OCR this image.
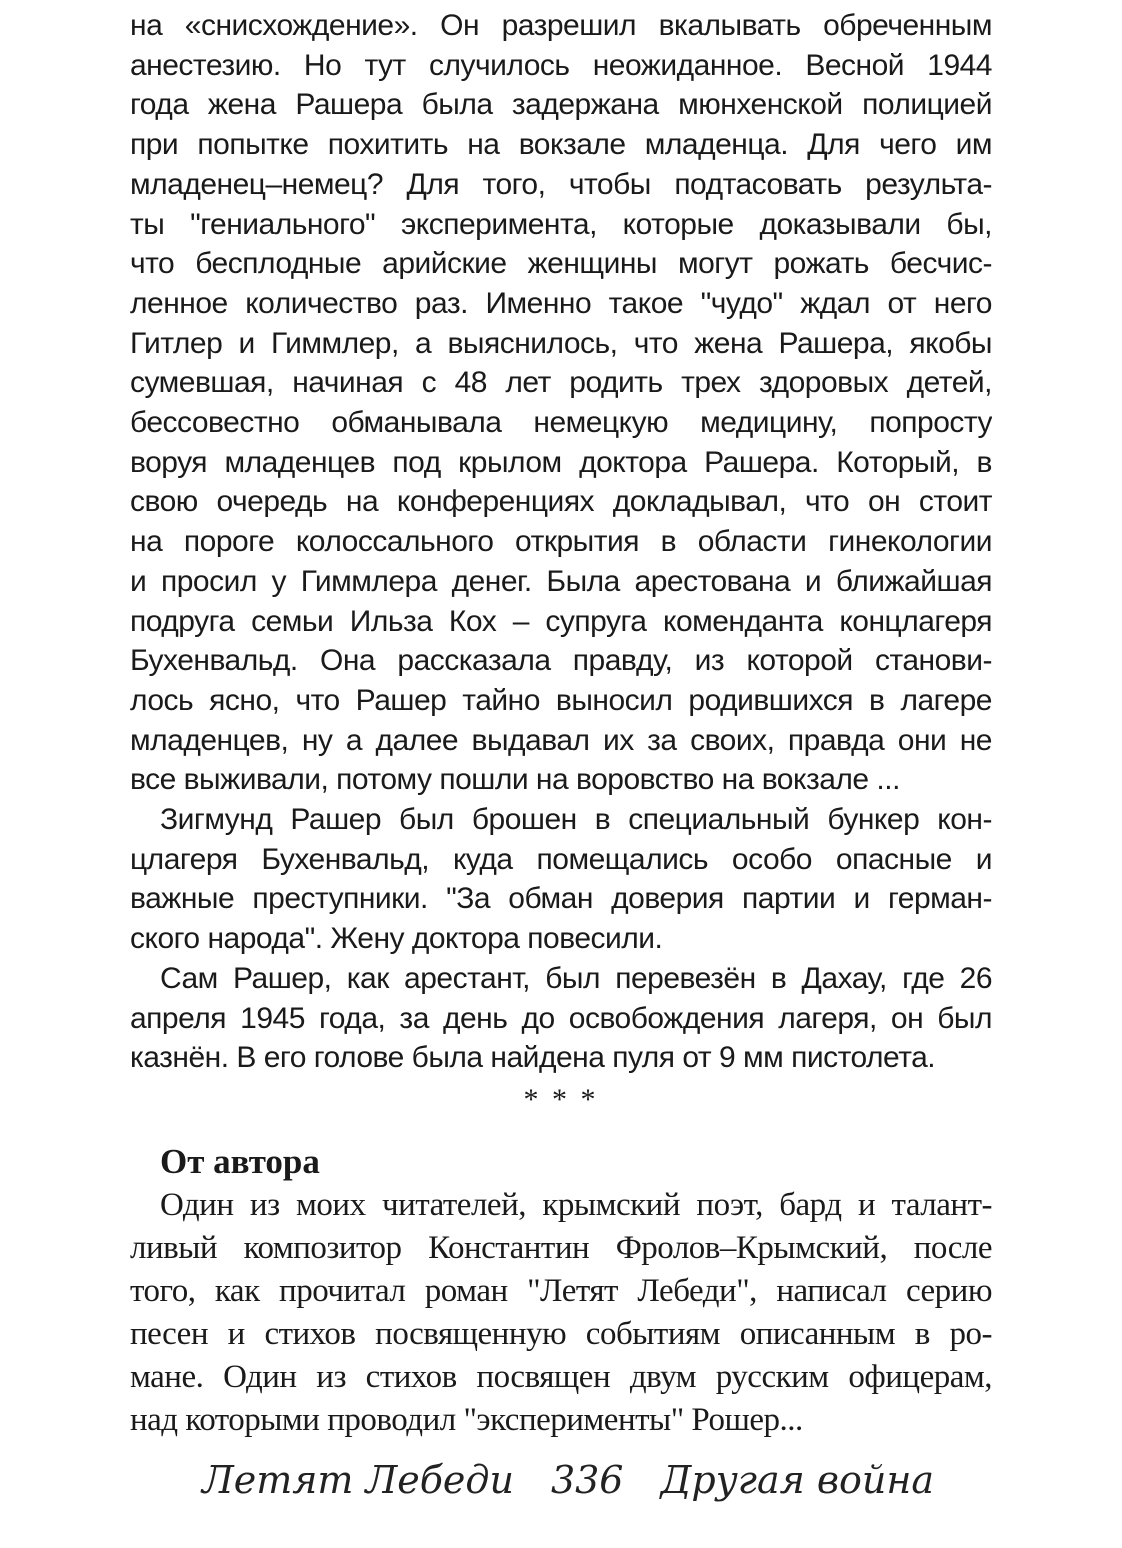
на «снисхождение». Он разрешил вкалывать обреченным
анестезию. Но тут случилось неожиданное. Весной 1944
года жена Рашера была задержана мюнхенской полицией
при попытке похитить на вокзале младенца. Для чего им
младенец–немец? Для того, чтобы подтасовать результа-
ты "гениального" эксперимента, которые доказывали бы,
что бесплодные арийские женщины могут рожать бесчис-
ленное количество раз. Именно такое "чудо" ждал от него
Гитлер и Гиммлер, а выяснилось, что жена Рашера, якобы
сумевшая, начиная с 48 лет родить трех здоровых детей,
бессовестно обманывала немецкую медицину, попросту
воруя младенцев под крылом доктора Рашера. Который, в
свою очередь на конференциях докладывал, что он стоит
на пороге колоссального открытия в области гинекологии
и просил у Гиммлера денег. Была арестована и ближайшая
подруга семьи Ильза Кох – супруга коменданта концлагеря
Бухенвальд. Она рассказала правду, из которой станови-
лось ясно, что Рашер тайно выносил родившихся в лагере
младенцев, ну а далее выдавал их за своих, правда они не
все выживали, потому пошли на воровство на вокзале ...
Зигмунд Рашер был брошен в специальный бункер кон-
цлагеря Бухенвальд, куда помещались особо опасные и
важные преступники. "За обман доверия партии и герман-
ского народа". Жену доктора повесили.
Сам Рашер, как арестант, был перевезён в Дахау, где 26
апреля 1945 года, за день до освобождения лагеря, он был
казнён. В его голове была найдена пуля от 9 мм пистолета.
* * *
От автора
Один из моих читателей, крымский поэт, бард и талант-
ливый композитор Константин Фролов–Крымский, после
того, как прочитал роман "Летят Лебеди", написал серию
песен и стихов посвященную событиям описанным в ро-
мане. Один из стихов посвящен двум русским офицерам,
над которыми проводил "эксперименты" Рошер...
Летят Лебеди 336 Другая война
